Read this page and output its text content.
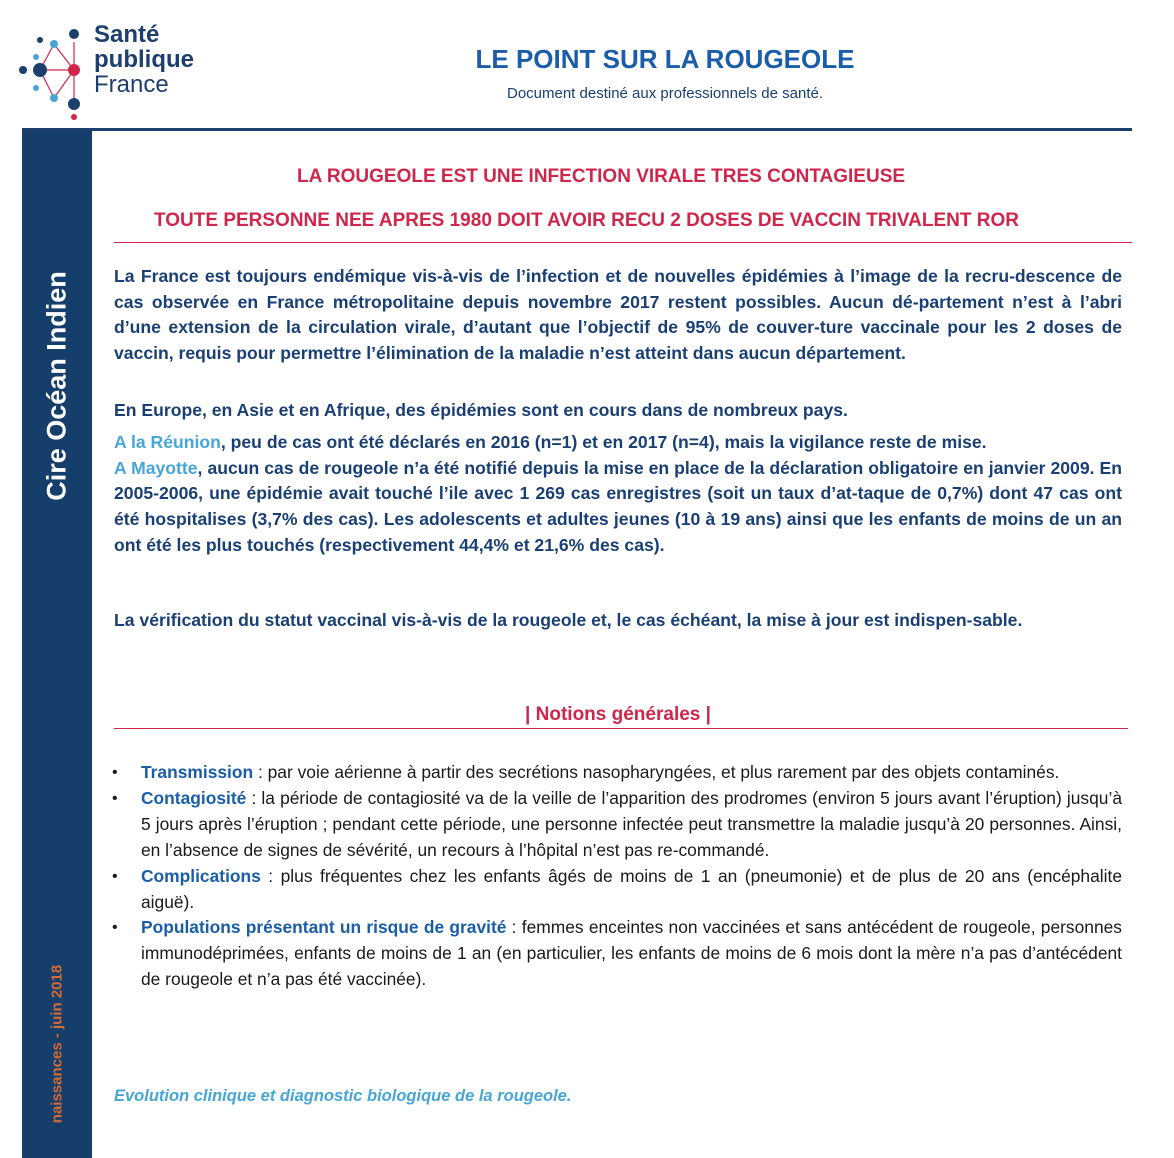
Santé
publique
France
LE POINT SUR LA ROUGEOLE
Document destiné aux professionnels de santé.
Cire Océan Indien
naissances - juin 2018
LA ROUGEOLE EST UNE INFECTION VIRALE TRES CONTAGIEUSE
TOUTE PERSONNE NEE APRES 1980 DOIT AVOIR RECU 2 DOSES DE VACCIN TRIVALENT ROR

La France est toujours endémique vis-à-vis de l’infection et de nouvelles épidémies à l’image de la recru-descence de cas observée en France métropolitaine depuis novembre 2017 restent possibles. Aucun dé-partement n’est à l’abri d’une extension de la circulation virale, d’autant que l’objectif de 95% de couver-ture vaccinale pour les 2 doses de vaccin, requis pour permettre l’élimination de la maladie n’est atteint dans aucun département.

En Europe, en Asie et en Afrique, des épidémies sont en cours dans de nombreux pays.

A la Réunion, peu de cas ont été déclarés en 2016 (n=1) et en 2017 (n=4), mais la vigilance reste de mise.
A Mayotte, aucun cas de rougeole n’a été notifié depuis la mise en place de la déclaration obligatoire en janvier 2009. En 2005-2006, une épidémie avait touché l’ile avec 1 269 cas enregistres (soit un taux d’at-taque de 0,7%) dont 47 cas ont été hospitalises (3,7% des cas). Les adolescents et adultes jeunes (10 à 19 ans) ainsi que les enfants de moins de un an ont été les plus touchés (respectivement 44,4% et 21,6% des cas).

La vérification du statut vaccinal vis-à-vis de la rougeole et, le cas échéant, la mise à jour est indispen-sable.

| Notions générales |
• Transmission : par voie aérienne à partir des secrétions nasopharyngées, et plus rarement par des objets contaminés.
• Contagiosité : la période de contagiosité va de la veille de l’apparition des prodromes (environ 5 jours avant l’éruption) jusqu’à 5 jours après l’éruption ; pendant cette période, une personne infectée peut transmettre la maladie jusqu’à 20 personnes. Ainsi, en l’absence de signes de sévérité, un recours à l’hôpital n’est pas re-commandé.
• Complications : plus fréquentes chez les enfants âgés de moins de 1 an (pneumonie) et de plus de 20 ans (encéphalite aiguë).
• Populations présentant un risque de gravité : femmes enceintes non vaccinées et sans antécédent de rougeole, personnes immunodéprimées, enfants de moins de 1 an (en particulier, les enfants de moins de 6 mois dont la mère n’a pas d’antécédent de rougeole et n’a pas été vaccinée).
Evolution clinique et diagnostic biologique de la rougeole.
